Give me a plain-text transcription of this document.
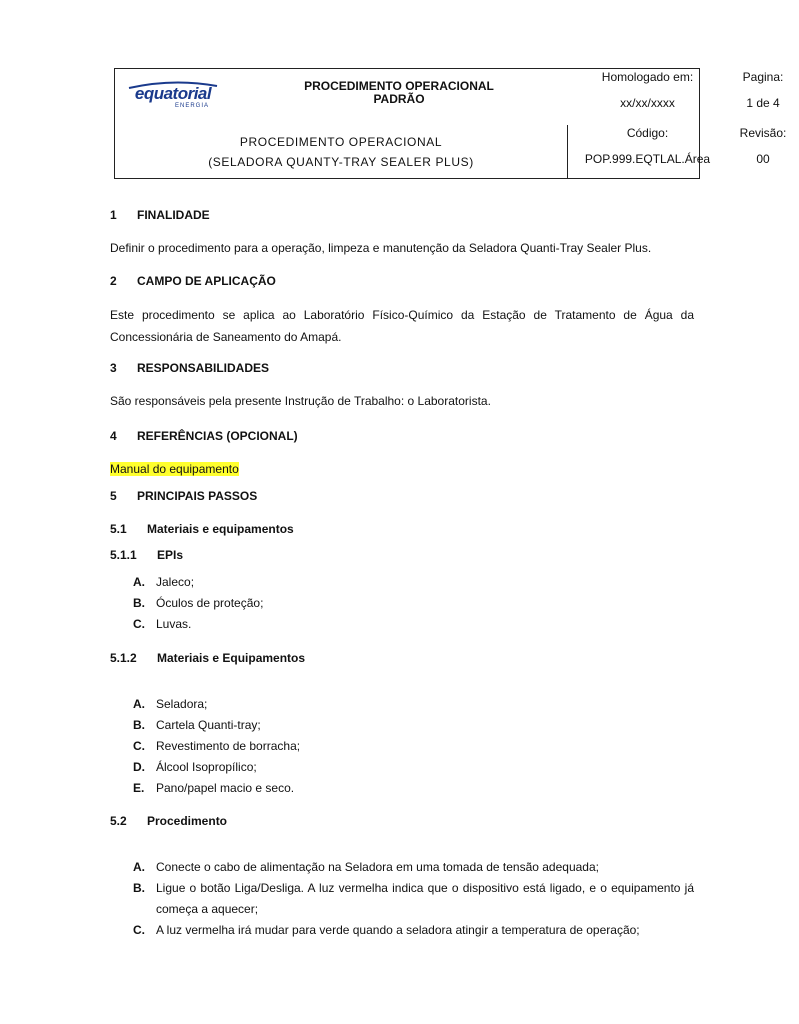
equatorial
ENERGIA
PROCEDIMENTO OPERACIONAL
PADRÃO
Homologado em:
xx/xx/xxxx
Pagina:
1 de 4
Código:
POP.999.EQTLAL.Área
Revisão:
00
PROCEDIMENTO OPERACIONAL
(SELADORA QUANTY-TRAY SEALER PLUS)
1 FINALIDADE
Definir o procedimento para a operação, limpeza e manutenção da Seladora Quanti-Tray Sealer Plus.
2 CAMPO DE APLICAÇÃO
Este procedimento se aplica ao Laboratório Físico-Químico da Estação de Tratamento de Água da Concessionária de Saneamento do Amapá.
3 RESPONSABILIDADES
São responsáveis pela presente Instrução de Trabalho: o Laboratorista.
4 REFERÊNCIAS (OPCIONAL)
Manual do equipamento
5 PRINCIPAIS PASSOS
5.1 Materiais e equipamentos
5.1.1 EPIs
A. Jaleco;
B. Óculos de proteção;
C. Luvas.
5.1.2 Materiais e Equipamentos
A. Seladora;
B. Cartela Quanti-tray;
C. Revestimento de borracha;
D. Álcool Isopropílico;
E. Pano/papel macio e seco.
5.2 Procedimento
A. Conecte o cabo de alimentação na Seladora em uma tomada de tensão adequada;
B. Ligue o botão Liga/Desliga. A luz vermelha indica que o dispositivo está ligado, e o equipamento já começa a aquecer;
C. A luz vermelha irá mudar para verde quando a seladora atingir a temperatura de operação;
